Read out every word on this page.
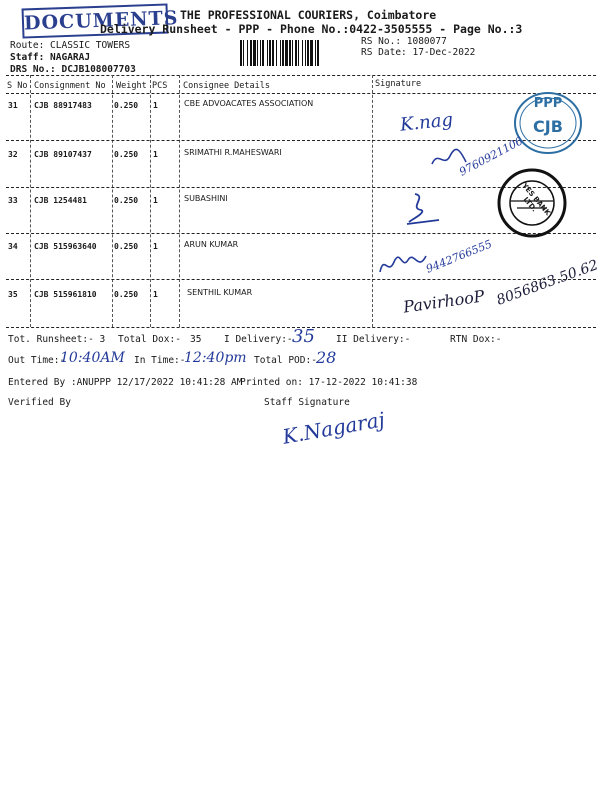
DOCUMENTS THE PROFESSIONAL COURIERS, Coimbatore
Delivery Runsheet - PPP - Phone No.:0422-3505555 - Page No.:3
Route: CLASSIC TOWERS
Staff: NAGARAJ
DRS No.: DCJB108007703
RS No.: 1080077
RS Date: 17-Dec-2022
S No Consignment No Weight PCS Consignee Details	Signature
31 CJB 88917483	0.250 1	CBE ADVOACATES ASSOCIATION
32 CJB 89107437	0.250 1	SRIMATHI R.MAHESWARI
33 CJB 1254481	0.250 1	SUBASHINI
34 CJB 515963640 0.250 1	ARUN KUMAR
35 CJB 515961810 0.250 1	SENTHIL KUMAR
PPP
CJB
YES BANK LTD.
K.nag
9760921106
9442766555
PavirhooP 8056863.50.62
Tot. Runsheet:- 3 Total Dox:- 35 I Delivery:- 35 II Delivery:-	RTN Dox:-
Out Time:-
10:40AM In Time:-
12:40pm Total POD:- 28
Entered By :ANUPPP 12/17/2022 10:41:28 AM
Printed on: 17-12-2022 10:41:38
Verified By	Staff Signature
K.Nagaraj
